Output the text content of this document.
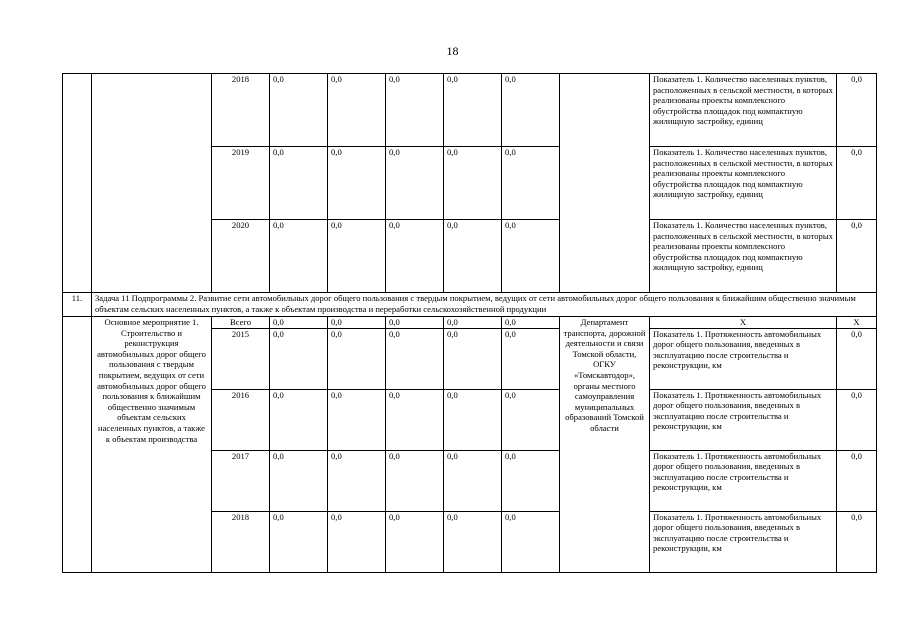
18
		2018	0,0	0,0	0,0	0,0	0,0		Показатель 1. Количество населенных пунктов, расположенных в сельской местности, в которых реализованы проекты комплексного обустройства площадок под компактную жилищную застройку, единиц	0,0
		2019	0,0	0,0	0,0	0,0	0,0		Показатель 1. Количество населенных пунктов, расположенных в сельской местности, в которых реализованы проекты комплексного обустройства площадок под компактную жилищную застройку, единиц	0,0
		2020	0,0	0,0	0,0	0,0	0,0		Показатель 1. Количество населенных пунктов, расположенных в сельской местности, в которых реализованы проекты комплексного обустройства площадок под компактную жилищную застройку, единиц	0,0
11.	Задача 11 Подпрограммы 2. Развитие сети автомобильных дорог общего пользования с твердым покрытием, ведущих от сети автомобильных дорог общего пользования к ближайшим общественно значимым объектам сельских населенных пунктов, а также к объектам производства и переработки сельскохозяйственной продукции									
	Основное мероприятие 1. Строительство и реконструкция автомобильных дорог общего пользования с твердым покрытием, ведущих от сети автомобильных дорог общего пользования к ближайшим общественно значимым объектам сельских населенных пунктов, а также к объектам производства	Всего	0,0	0,0	0,0	0,0	0,0	Департамент транспорта, дорожной деятельности и связи Томской области, ОГКУ «Томскавтодор», органы местного самоуправления муниципальных образований Томской области	X	X
		2015	0,0	0,0	0,0	0,0	0,0		Показатель 1. Протяженность автомобильных дорог общего пользования, введенных в эксплуатацию после строительства и реконструкции, км	0,0
		2016	0,0	0,0	0,0	0,0	0,0		Показатель 1. Протяженность автомобильных дорог общего пользования, введенных в эксплуатацию после строительства и реконструкции, км	0,0
		2017	0,0	0,0	0,0	0,0	0,0		Показатель 1. Протяженность автомобильных дорог общего пользования, введенных в эксплуатацию после строительства и реконструкции, км	0,0
		2018	0,0	0,0	0,0	0,0	0,0		Показатель 1. Протяженность автомобильных дорог общего пользования, введенных в эксплуатацию после строительства и реконструкции, км	0,0
